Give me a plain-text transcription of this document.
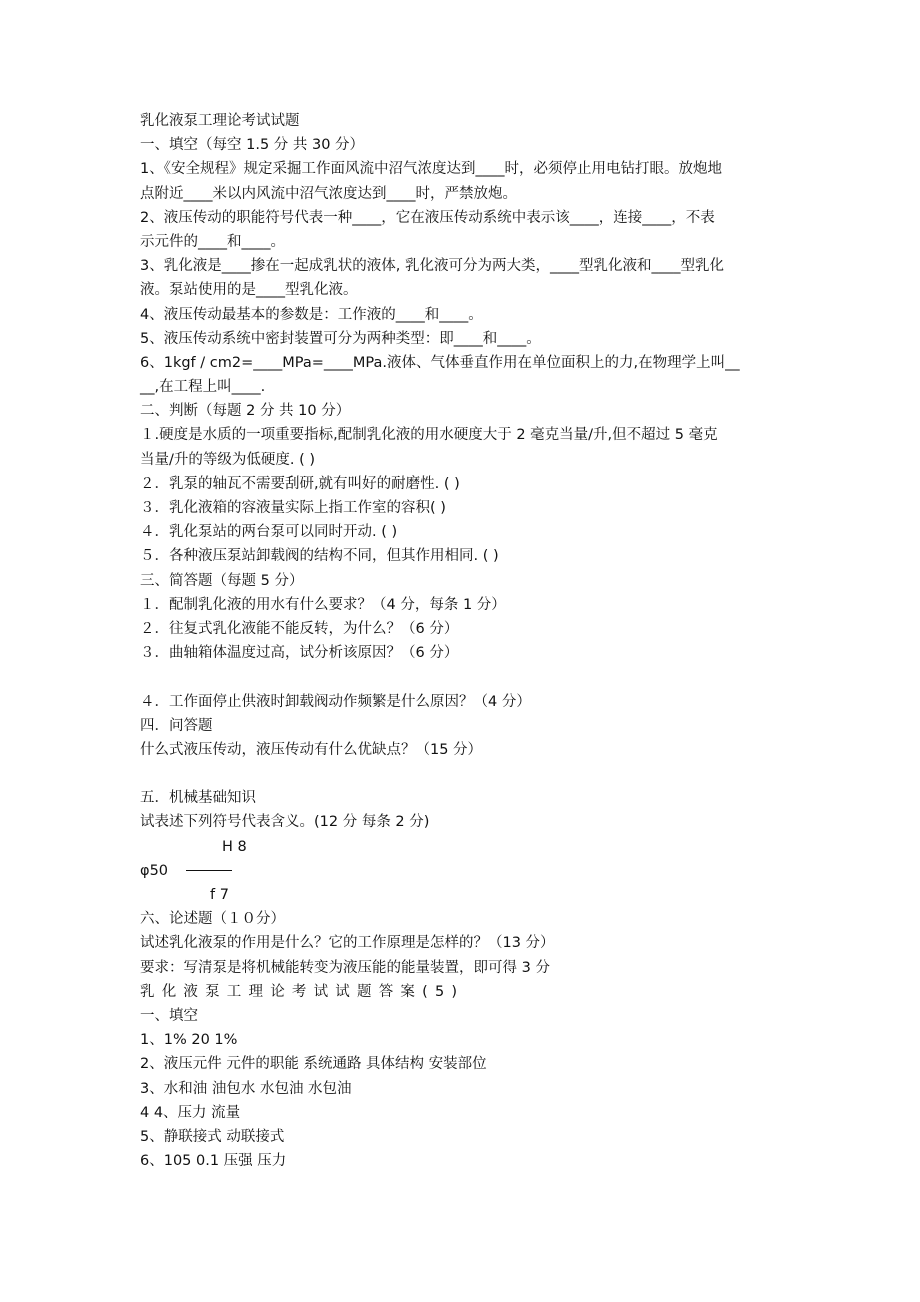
乳化液泵工理论考试试题
一、填空（每空 1.5 分 共 30 分）
1、《安全规程》规定采掘工作面风流中沼气浓度达到____时，必须停止用电钻打眼。放炮地
点附近____米以内风流中沼气浓度达到____时，严禁放炮。
2、液压传动的职能符号代表一种____，它在液压传动系统中表示该____，连接____，不表
示元件的____和____。
3、乳化液是____掺在一起成乳状的液体, 乳化液可分为两大类，____型乳化液和____型乳化
液。泵站使用的是____型乳化液。
4、液压传动最基本的参数是：工作液的____和____。
5、液压传动系统中密封装置可分为两种类型：即____和____。
6、1kgf / cm2=____MPa=____MPa.液体、气体垂直作用在单位面积上的力,在物理学上叫__
__,在工程上叫____.
二、判断（每题 2 分 共 10 分）
１.硬度是水质的一项重要指标,配制乳化液的用水硬度大于 2 毫克当量/升,但不超过 5 毫克
当量/升的等级为低硬度. ( )
２．乳泵的轴瓦不需要刮研,就有叫好的耐磨性. ( )
３．乳化液箱的容液量实际上指工作室的容积( )
４．乳化泵站的两台泵可以同时开动. ( )
５．各种液压泵站卸载阀的结构不同，但其作用相同. ( )
三、简答题（每题 5 分）
１．配制乳化液的用水有什么要求？（4 分，每条 1 分）
２．往复式乳化液能不能反转，为什么？（6 分）
３．曲轴箱体温度过高，试分析该原因？（6 分）
４．工作面停止供液时卸载阀动作频繁是什么原因？（4 分）
四．问答题
什么式液压传动，液压传动有什么优缺点？（15 分）
五．机械基础知识
试表述下列符号代表含义。(12 分 每条 2 分)
H 8
φ50
f 7
六、论述题（１０分）
试述乳化液泵的作用是什么？它的工作原理是怎样的？（13 分）
要求：写清泵是将机械能转变为液压能的能量装置，即可得 3 分
乳化液泵工理论考试试题答案(5)
一、填空
1、1% 20 1%
2、液压元件 元件的职能 系统通路 具体结构 安装部位
3、水和油 油包水 水包油 水包油
4 4、压力 流量
5、静联接式 动联接式
6、105 0.1 压强 压力
